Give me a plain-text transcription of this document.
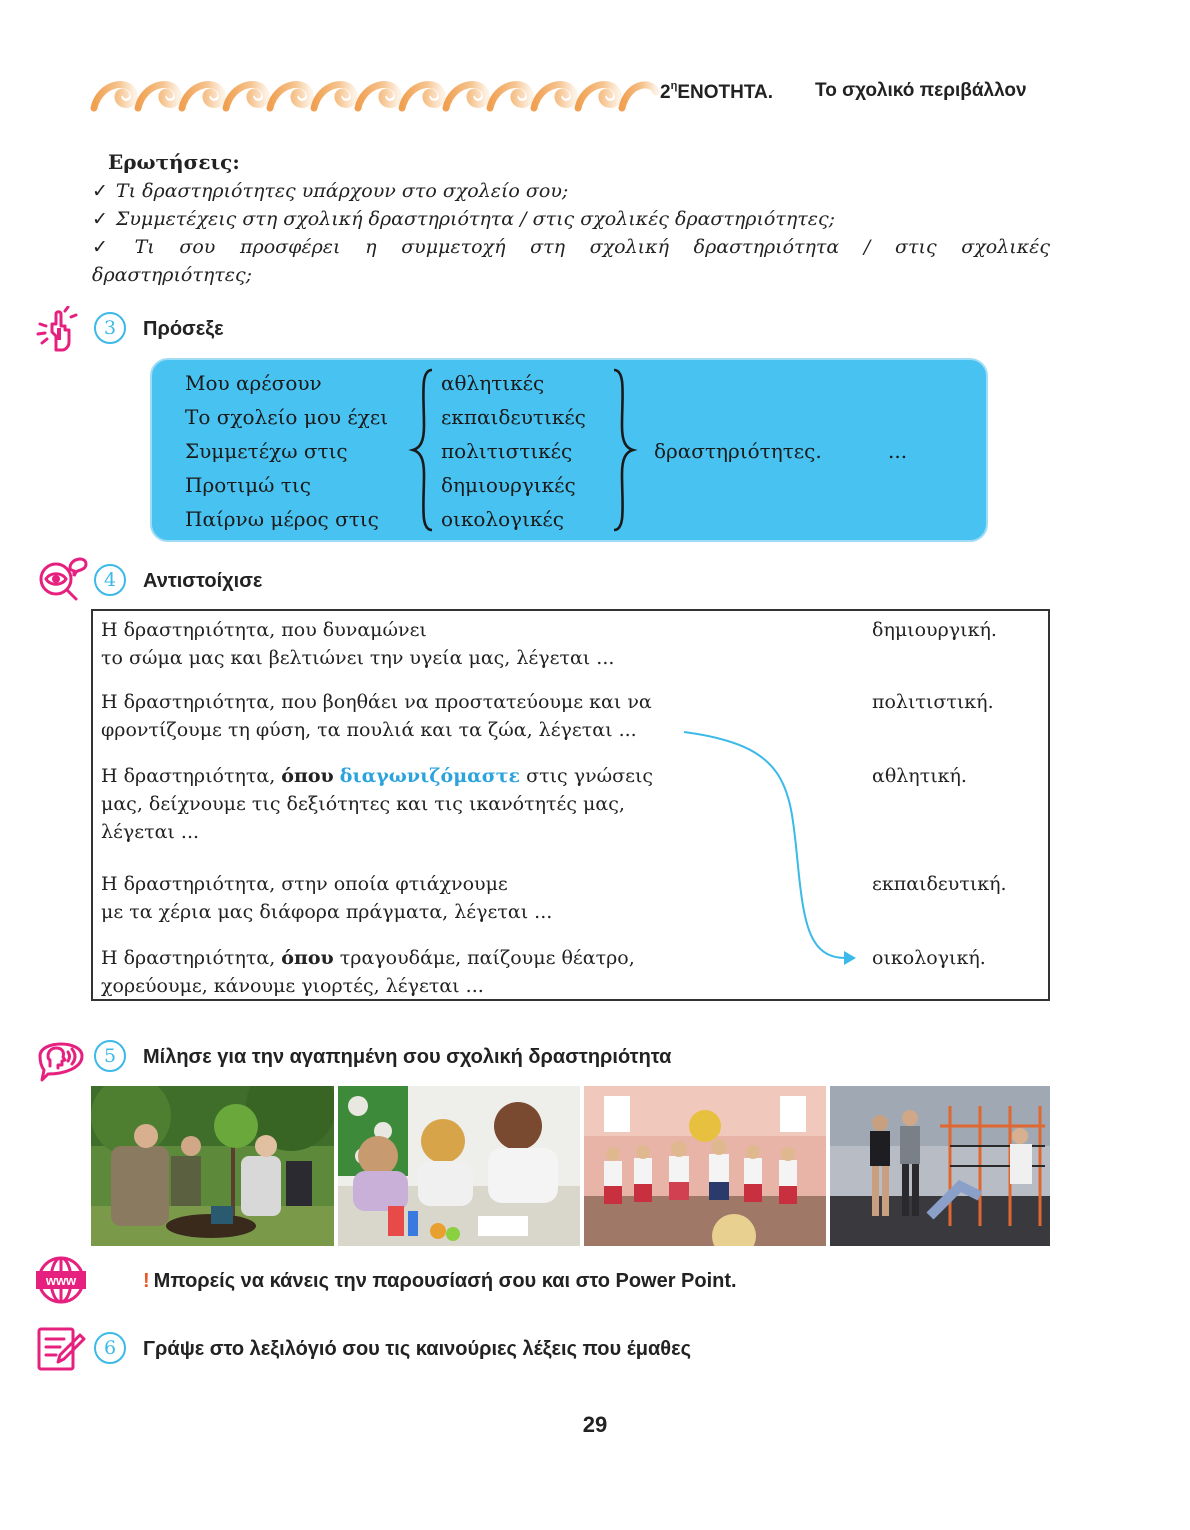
$2^\eta ENOTHTA$. Το σχολικό περιβάλλον
Ερωτήσεις:
✓ Τι δραστηριότητες υπάρχουν στο σχολείο σου;
✓ Συμμετέχεις στη σχολική δραστηριότητα / στις σχολικές δραστηριότητες;
✓ Τι σου προσφέρει η συμμετοχή στη σχολική δραστηριότητα / στις σχολικές
δραστηριότητες;
3	Πρόσεξε
Μου αρέσουν
Το σχολείο μου έχει
Συμμετέχω στις
Προτιμώ τις
Παίρνω μέρος στις
αθλητικές
εκπαιδευτικές
πολιτιστικές
δημιουργικές
οικολογικές
δραστηριότητες.	...
4	Αντιστοίχισε
Η δραστηριότητα, που δυναμώνει
το σώμα μας και βελτιώνει την υγεία μας, λέγεται ...
δημιουργική.
Η δραστηριότητα, που βοηθάει να προστατεύουμε και να
φροντίζουμε τη φύση, τα πουλιά και τα ζώα, λέγεται ...
πολιτιστική.
Η δραστηριότητα, όπου διαγωνιζόμαστε στις γνώσεις
μας, δείχνουμε τις δεξιότητες και τις ικανότητές μας,
λέγεται ...
αθλητική.
Η δραστηριότητα, στην οποία φτιάχνουμε
με τα χέρια μας διάφορα πράγματα, λέγεται ...
εκπαιδευτική.
Η δραστηριότητα, όπου τραγουδάμε, παίζουμε θέατρο,
χορεύουμε, κάνουμε γιορτές, λέγεται ...
οικολογική.
5	Μίλησε για την αγαπημένη σου σχολική δραστηριότητα
www	! Μπορείς να κάνεις την παρουσίασή σου και στο Power Point.
6	Γράψε στο λεξιλόγιό σου τις καινούριες λέξεις που έμαθες
29
